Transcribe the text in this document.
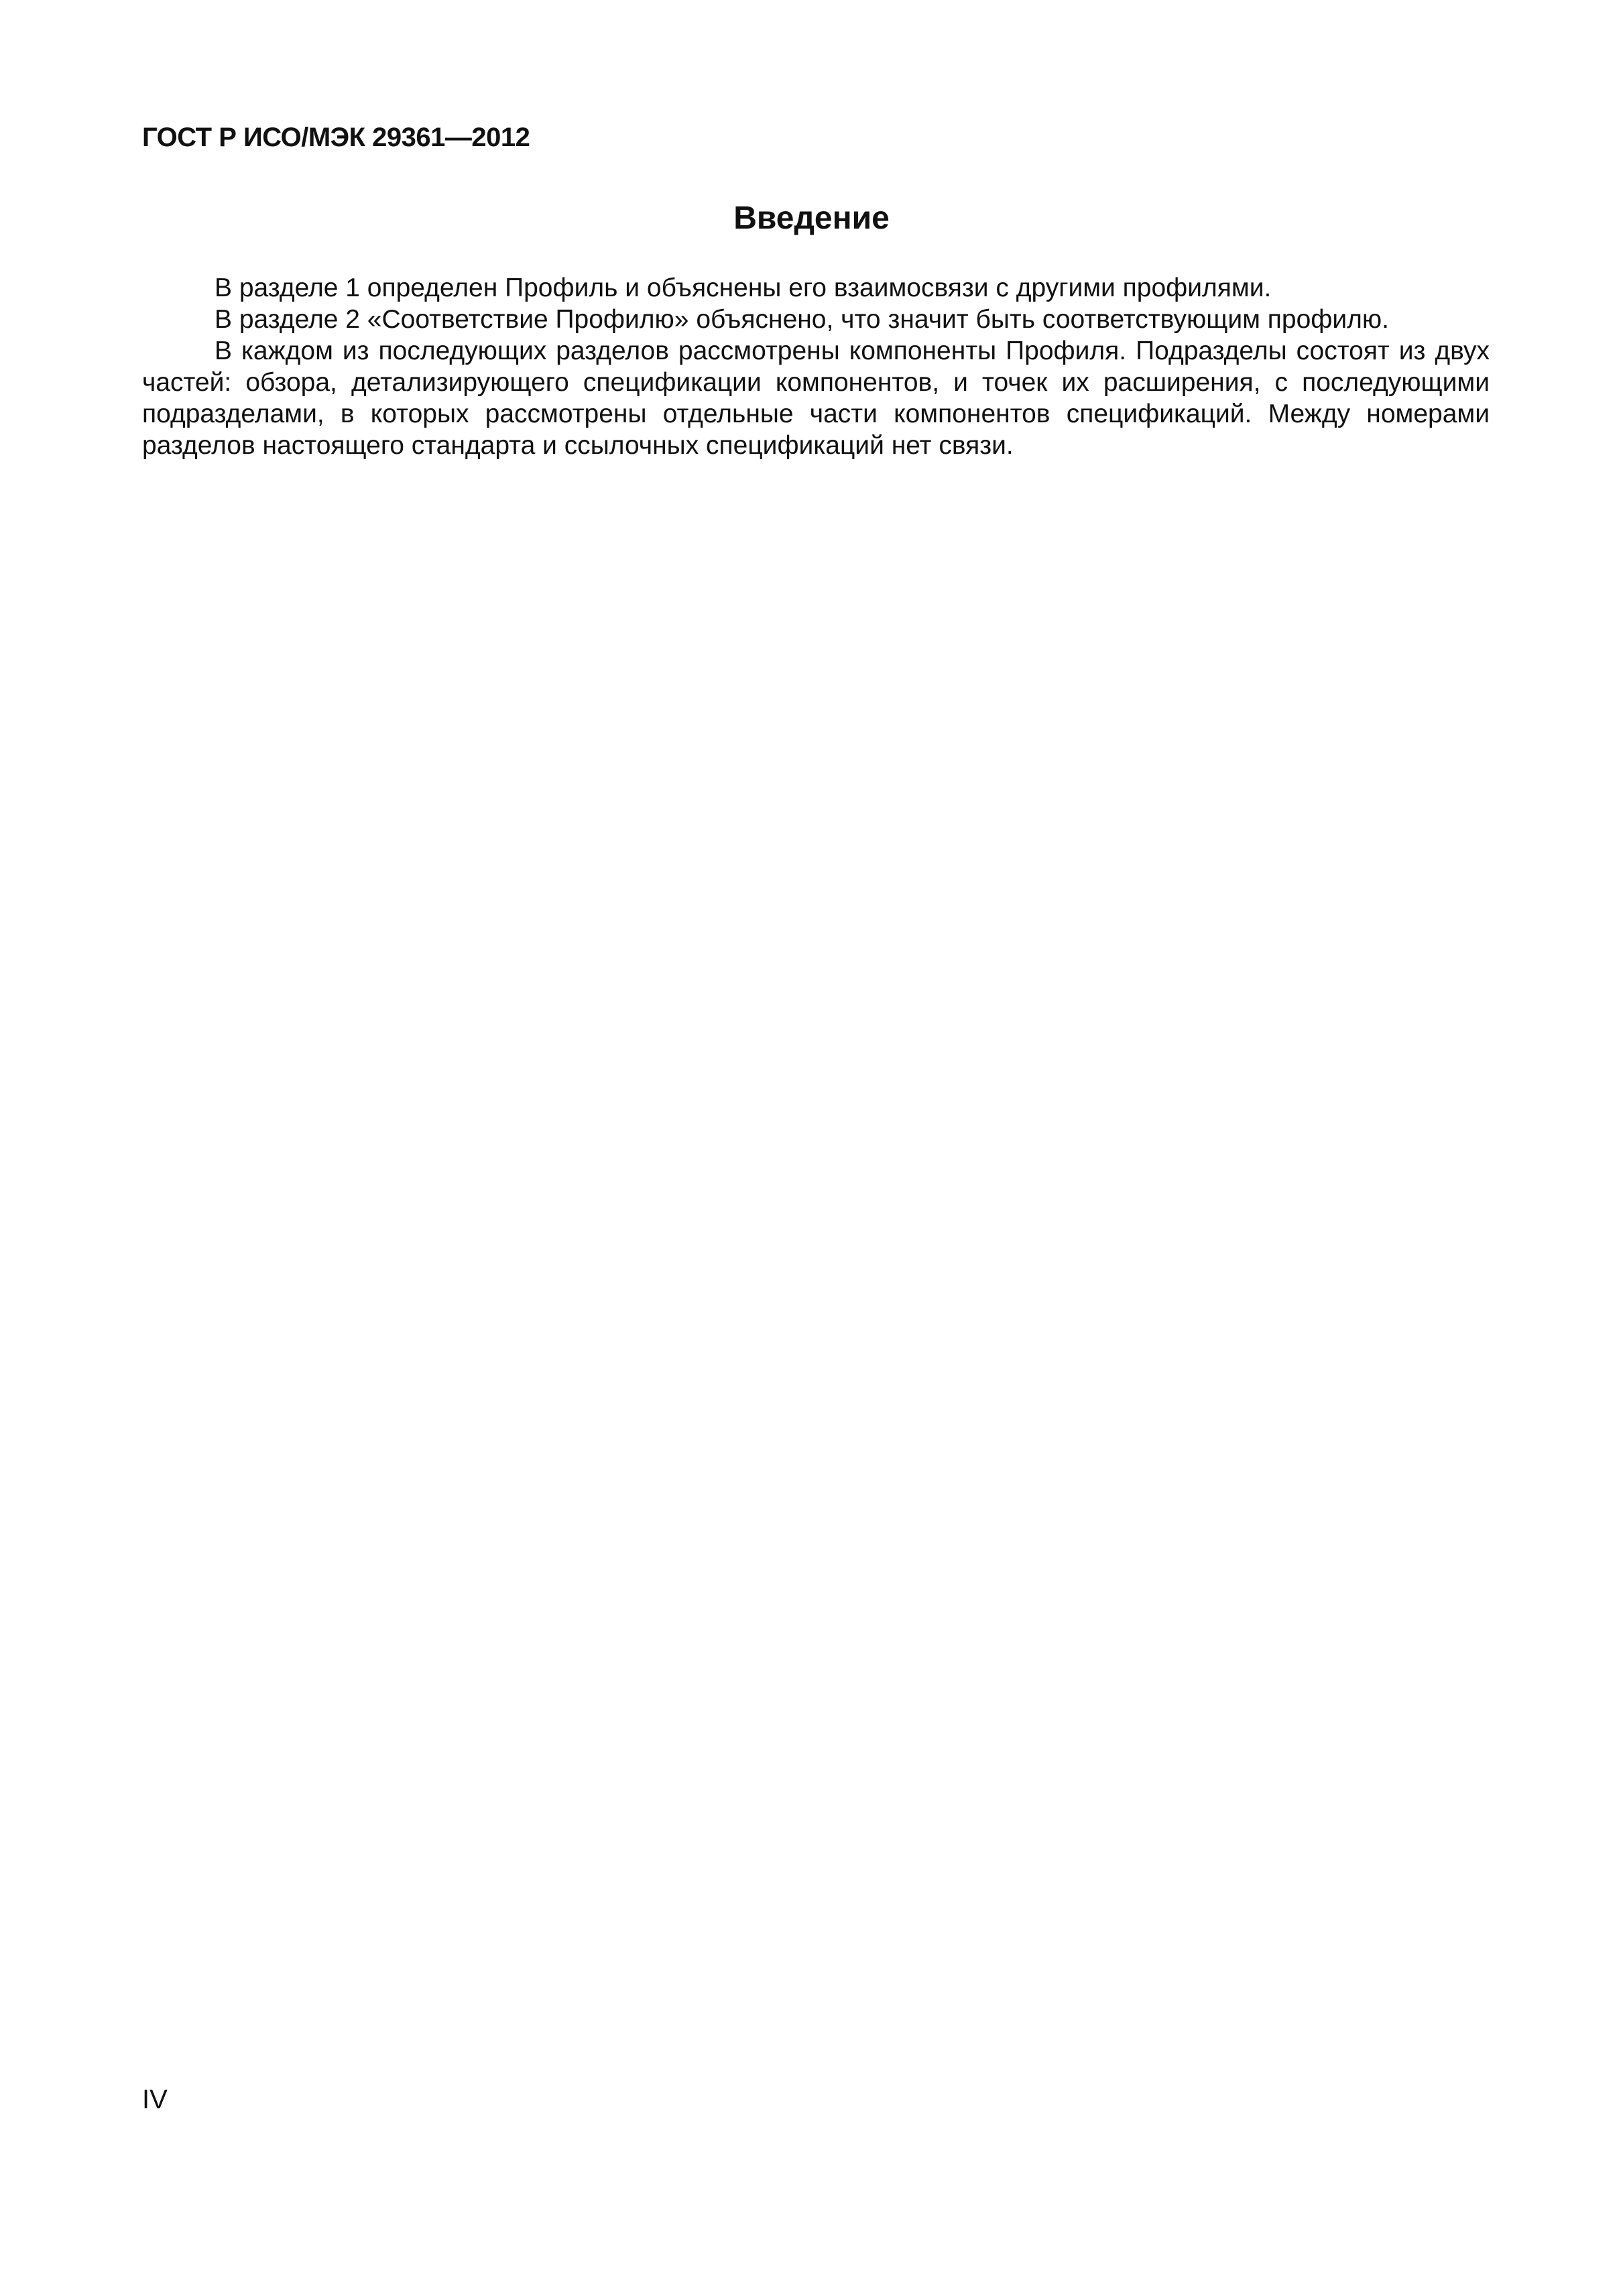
ГОСТ Р ИСО/МЭК 29361—2012
Введение

В разделе 1 определен Профиль и объяснены его взаимосвязи с другими профилями.

В разделе 2 «Соответствие Профилю» объяснено, что значит быть соответствующим профилю.

В каждом из последующих разделов рассмотрены компоненты Профиля. Подразделы состоят из двух частей: обзора, детализирующего спецификации компонентов, и точек их расширения, с последующими подразделами, в которых рассмотрены отдельные части компонентов спецификаций. Между номерами разделов настоящего стандарта и ссылочных спецификаций нет связи.

IV
